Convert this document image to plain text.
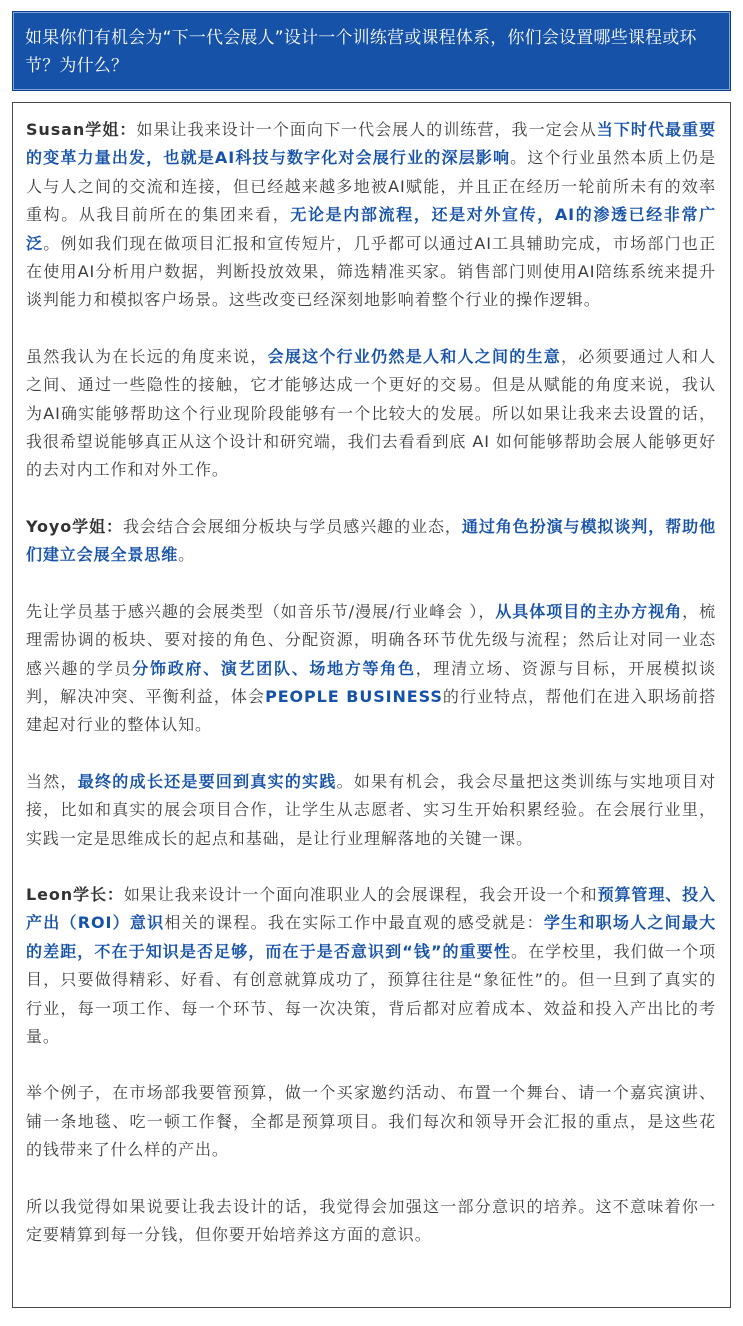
如果你们有机会为“下一代会展人”设计一个训练营或课程体系，你们会设置哪些课程或环节？为什么？

Susan学姐：如果让我来设计一个面向下一代会展人的训练营，我一定会从当下时代最重要的变革力量出发，也就是AI科技与数字化对会展行业的深层影响。这个行业虽然本质上仍是人与人之间的交流和连接，但已经越来越多地被AI赋能，并且正在经历一轮前所未有的效率重构。从我目前所在的集团来看，无论是内部流程，还是对外宣传，AI的渗透已经非常广泛。例如我们现在做项目汇报和宣传短片，几乎都可以通过AI工具辅助完成，市场部门也正在使用AI分析用户数据，判断投放效果，筛选精准买家。销售部门则使用AI陪练系统来提升谈判能力和模拟客户场景。这些改变已经深刻地影响着整个行业的操作逻辑。

虽然我认为在长远的角度来说，会展这个行业仍然是人和人之间的生意，必须要通过人和人之间、通过一些隐性的接触，它才能够达成一个更好的交易。但是从赋能的角度来说，我认为AI确实能够帮助这个行业现阶段能够有一个比较大的发展。所以如果让我来去设置的话，我很希望说能够真正从这个设计和研究端，我们去看看到底 AI 如何能够帮助会展人能够更好的去对内工作和对外工作。

Yoyo学姐：我会结合会展细分板块与学员感兴趣的业态，通过角色扮演与模拟谈判，帮助他们建立会展全景思维。

先让学员基于感兴趣的会展类型（如音乐节/漫展/行业峰会 ），从具体项目的主办方视角，梳理需协调的板块、要对接的角色、分配资源，明确各环节优先级与流程；然后让对同一业态感兴趣的学员分饰政府、演艺团队、场地方等角色，理清立场、资源与目标，开展模拟谈判，解决冲突、平衡利益，体会PEOPLE BUSINESS的行业特点，帮他们在进入职场前搭建起对行业的整体认知。

当然，最终的成长还是要回到真实的实践。如果有机会，我会尽量把这类训练与实地项目对接，比如和真实的展会项目合作，让学生从志愿者、实习生开始积累经验。在会展行业里，实践一定是思维成长的起点和基础，是让行业理解落地的关键一课。

Leon学长：如果让我来设计一个面向准职业人的会展课程，我会开设一个和预算管理、投入产出（ROI）意识相关的课程。我在实际工作中最直观的感受就是：学生和职场人之间最大的差距，不在于知识是否足够，而在于是否意识到“钱”的重要性。在学校里，我们做一个项目，只要做得精彩、好看、有创意就算成功了，预算往往是“象征性”的。但一旦到了真实的行业，每一项工作、每一个环节、每一次决策，背后都对应着成本、效益和投入产出比的考量。

举个例子，在市场部我要管预算，做一个买家邀约活动、布置一个舞台、请一个嘉宾演讲、铺一条地毯、吃一顿工作餐，全都是预算项目。我们每次和领导开会汇报的重点，是这些花的钱带来了什么样的产出。

所以我觉得如果说要让我去设计的话，我觉得会加强这一部分意识的培养。这不意味着你一定要精算到每一分钱，但你要开始培养这方面的意识。
